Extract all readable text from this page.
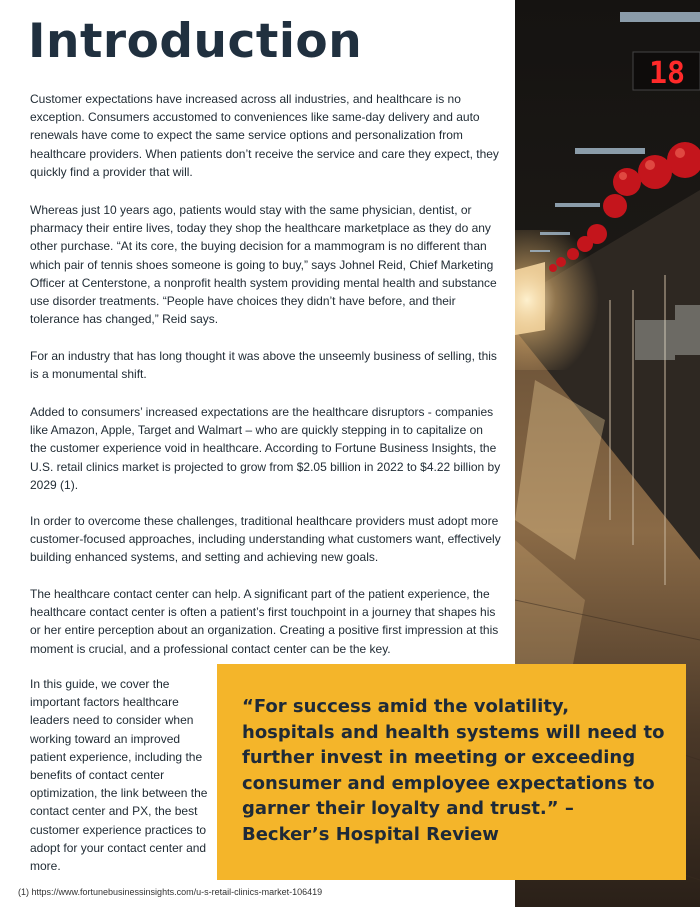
18
Introduction

Customer expectations have increased across all industries, and healthcare is no exception. Consumers accustomed to conveniences like same-day delivery and auto renewals have come to expect the same service options and personalization from healthcare providers. When patients don’t receive the service and care they expect, they quickly find a provider that will.

Whereas just 10 years ago, patients would stay with the same physician, dentist, or pharmacy their entire lives, today they shop the healthcare marketplace as they do any other purchase. “At its core, the buying decision for a mammogram is no different than which pair of tennis shoes someone is going to buy,” says Johnel Reid, Chief Marketing Officer at Centerstone, a nonprofit health system providing mental health and substance use disorder treatments. “People have choices they didn’t have before, and their tolerance has changed,” Reid says.

For an industry that has long thought it was above the unseemly business of selling, this is a monumental shift.

Added to consumers’ increased expectations are the healthcare disruptors - companies like Amazon, Apple, Target and Walmart – who are quickly stepping in to capitalize on the customer experience void in healthcare. According to Fortune Business Insights, the U.S. retail clinics market is projected to grow from $2.05 billion in 2022 to $4.22 billion by 2029 (1).

In order to overcome these challenges, traditional healthcare providers must adopt more customer-focused approaches, including understanding what customers want, effectively building enhanced systems, and setting and achieving new goals.

The healthcare contact center can help. A significant part of the patient experience, the healthcare contact center is often a patient’s first touchpoint in a journey that shapes his or her entire perception about an organization. Creating a positive first impression at this moment is crucial, and a professional contact center can be the key.

In this guide, we cover the important factors healthcare leaders need to consider when working toward an improved patient experience, including the benefits of contact center optimization, the link between the contact center and PX, the best customer experience practices to adopt for your contact center and more.

“For success amid the volatility, hospitals and health systems will need to further invest in meeting or exceeding consumer and employee expectations to garner their loyalty and trust.” – Becker’s Hospital Review

(1) https://www.fortunebusinessinsights.com/u-s-retail-clinics-market-106419
